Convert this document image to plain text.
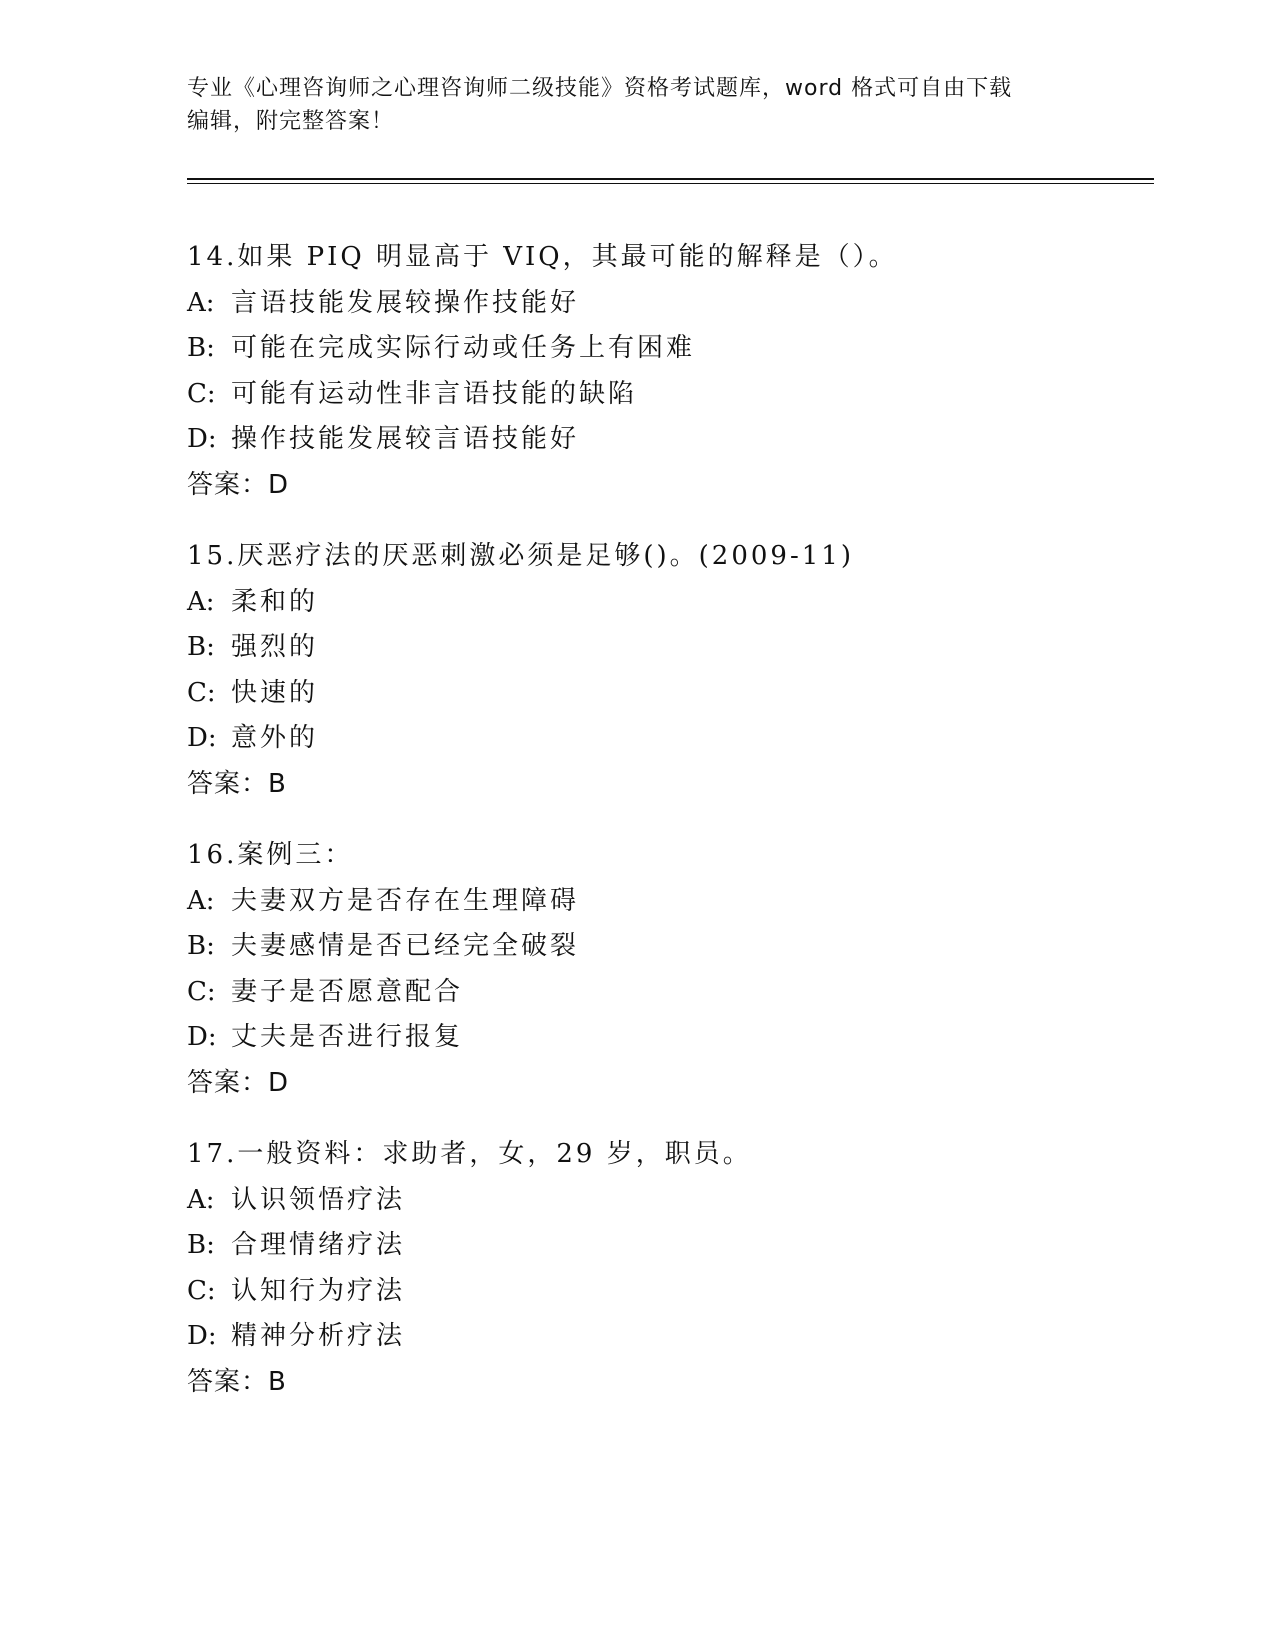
专业《心理咨询师之心理咨询师二级技能》资格考试题库，word 格式可自由下载
编辑，附完整答案！
14.如果 PIQ 明显高于 VIQ，其最可能的解释是（）。
A: 言语技能发展较操作技能好
B: 可能在完成实际行动或任务上有困难
C: 可能有运动性非言语技能的缺陷
D: 操作技能发展较言语技能好
答案：D
15.厌恶疗法的厌恶刺激必须是足够()。(2009-11)
A: 柔和的
B: 强烈的
C: 快速的
D: 意外的
答案：B
16.案例三：
A: 夫妻双方是否存在生理障碍
B: 夫妻感情是否已经完全破裂
C: 妻子是否愿意配合
D: 丈夫是否进行报复
答案：D
17.一般资料：求助者，女，29 岁，职员。
A: 认识领悟疗法
B: 合理情绪疗法
C: 认知行为疗法
D: 精神分析疗法
答案：B
